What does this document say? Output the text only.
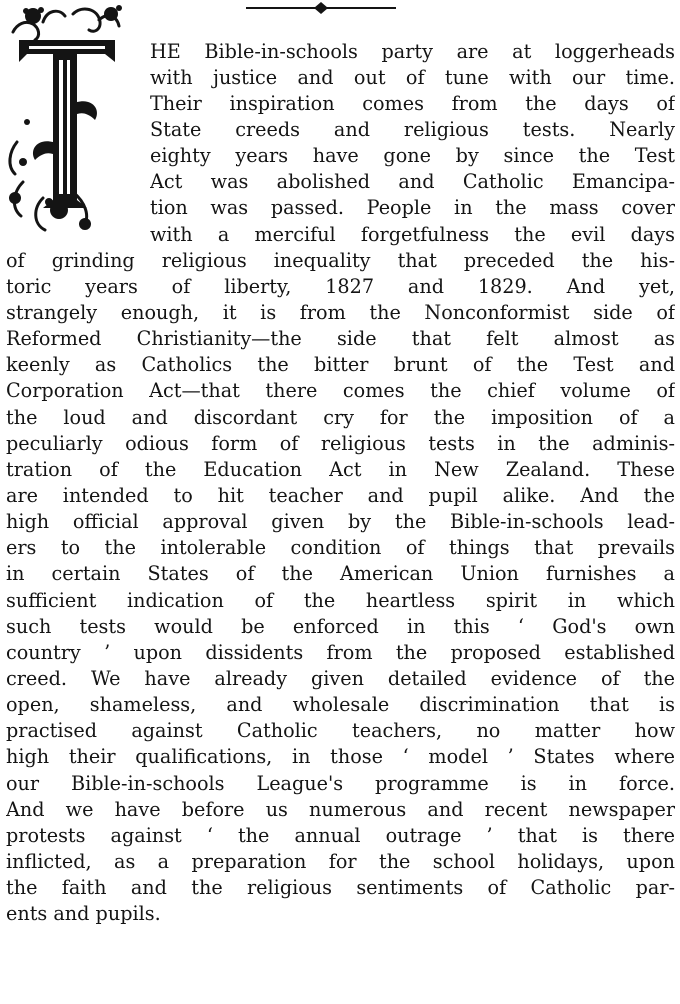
HE Bible-in-schools party are at loggerheads
with justice and out of tune with our time.
Their inspiration comes from the days of
State creeds and religious tests. Nearly
eighty years have gone by since the Test
Act was abolished and Catholic Emancipa-
tion was passed. People in the mass cover
with a merciful forgetfulness the evil days
of grinding religious inequality that preceded the his-
toric years of liberty, 1827 and 1829. And yet,
strangely enough, it is from the Nonconformist side of
Reformed Christianity—the side that felt almost as
keenly as Catholics the bitter brunt of the Test and
Corporation Act—that there comes the chief volume of
the loud and discordant cry for the imposition of a
peculiarly odious form of religious tests in the adminis-
tration of the Education Act in New Zealand. These
are intended to hit teacher and pupil alike. And the
high official approval given by the Bible-in-schools lead-
ers to the intolerable condition of things that prevails
in certain States of the American Union furnishes a
sufficient indication of the heartless spirit in which
such tests would be enforced in this ‘ God's own
country ’ upon dissidents from the proposed established
creed. We have already given detailed evidence of the
open, shameless, and wholesale discrimination that is
practised against Catholic teachers, no matter how
high their qualifications, in those ‘ model ’ States where
our Bible-in-schools League's programme is in force.
And we have before us numerous and recent newspaper
protests against ‘ the annual outrage ’ that is there
inflicted, as a preparation for the school holidays, upon
the faith and the religious sentiments of Catholic par-
ents and pupils.
